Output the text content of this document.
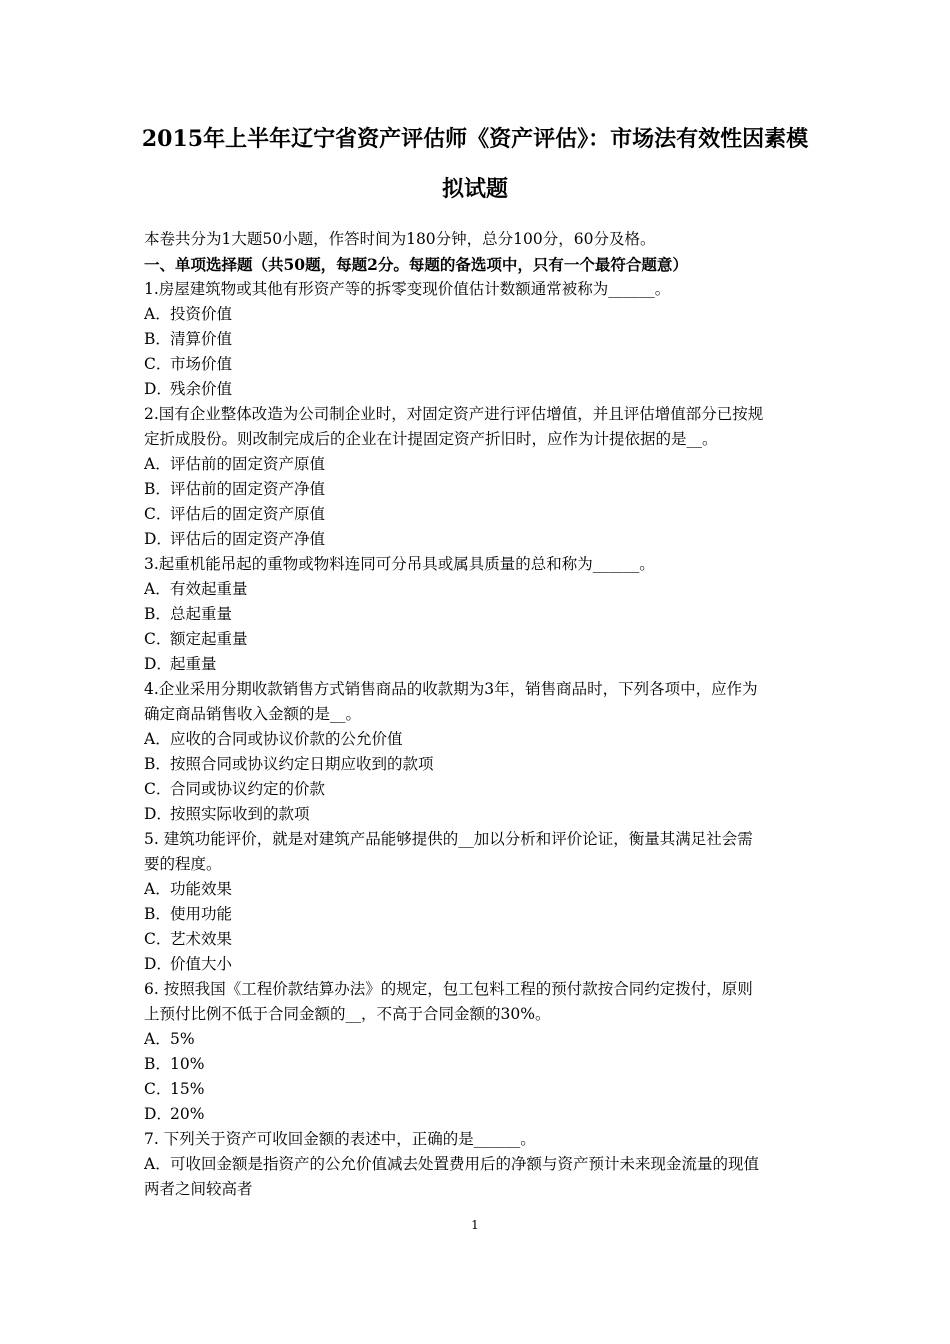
2015年上半年辽宁省资产评估师《资产评估》：市场法有效性因素模
拟试题
本卷共分为1大题50小题，作答时间为180分钟，总分100分，60分及格。
一、单项选择题（共50题，每题2分。每题的备选项中，只有一个最符合题意）
1.房屋建筑物或其他有形资产等的拆零变现价值估计数额通常被称为______。
A． 投资价值
B． 清算价值
C．
市场价值
D．
残余价值
2.国有企业整体改造为公司制企业时，对固定资产进行评估增值，并且评估增值部分已按规
定折成股份。则改制完成后的企业在计提固定资产折旧时，应作为计提依据的是__。
A． 评估前的固定资产原值
B． 评估前的固定资产净值
C．
评估后的固定资产原值
D．
评估后的固定资产净值
3.起重机能吊起的重物或物料连同可分吊具或属具质量的总和称为______。
A． 有效起重量
B． 总起重量
C．
额定起重量
D．
起重量
4.企业采用分期收款销售方式销售商品的收款期为3年，销售商品时，下列各项中，应作为
确定商品销售收入金额的是__。
A． 应收的合同或协议价款的公允价值
B． 按照合同或协议约定日期应收到的款项
C．
合同或协议约定的价款
D．
按照实际收到的款项
5. 建筑功能评价，就是对建筑产品能够提供的__加以分析和评价论证，衡量其满足社会需
要的程度。
A． 功能效果
B． 使用功能
C．
艺术效果
D．
价值大小
6. 按照我国《工程价款结算办法》的规定，包工包料工程的预付款按合同约定拨付，原则
上预付比例不低于合同金额的__，不高于合同金额的30%。
A． 5%
B． 10%
C．
15%
D．
20%
7. 下列关于资产可收回金额的表述中，正确的是______。
A． 可收回金额是指资产的公允价值减去处置费用后的净额与资产预计未来现金流量的现值
两者之间较高者
1
